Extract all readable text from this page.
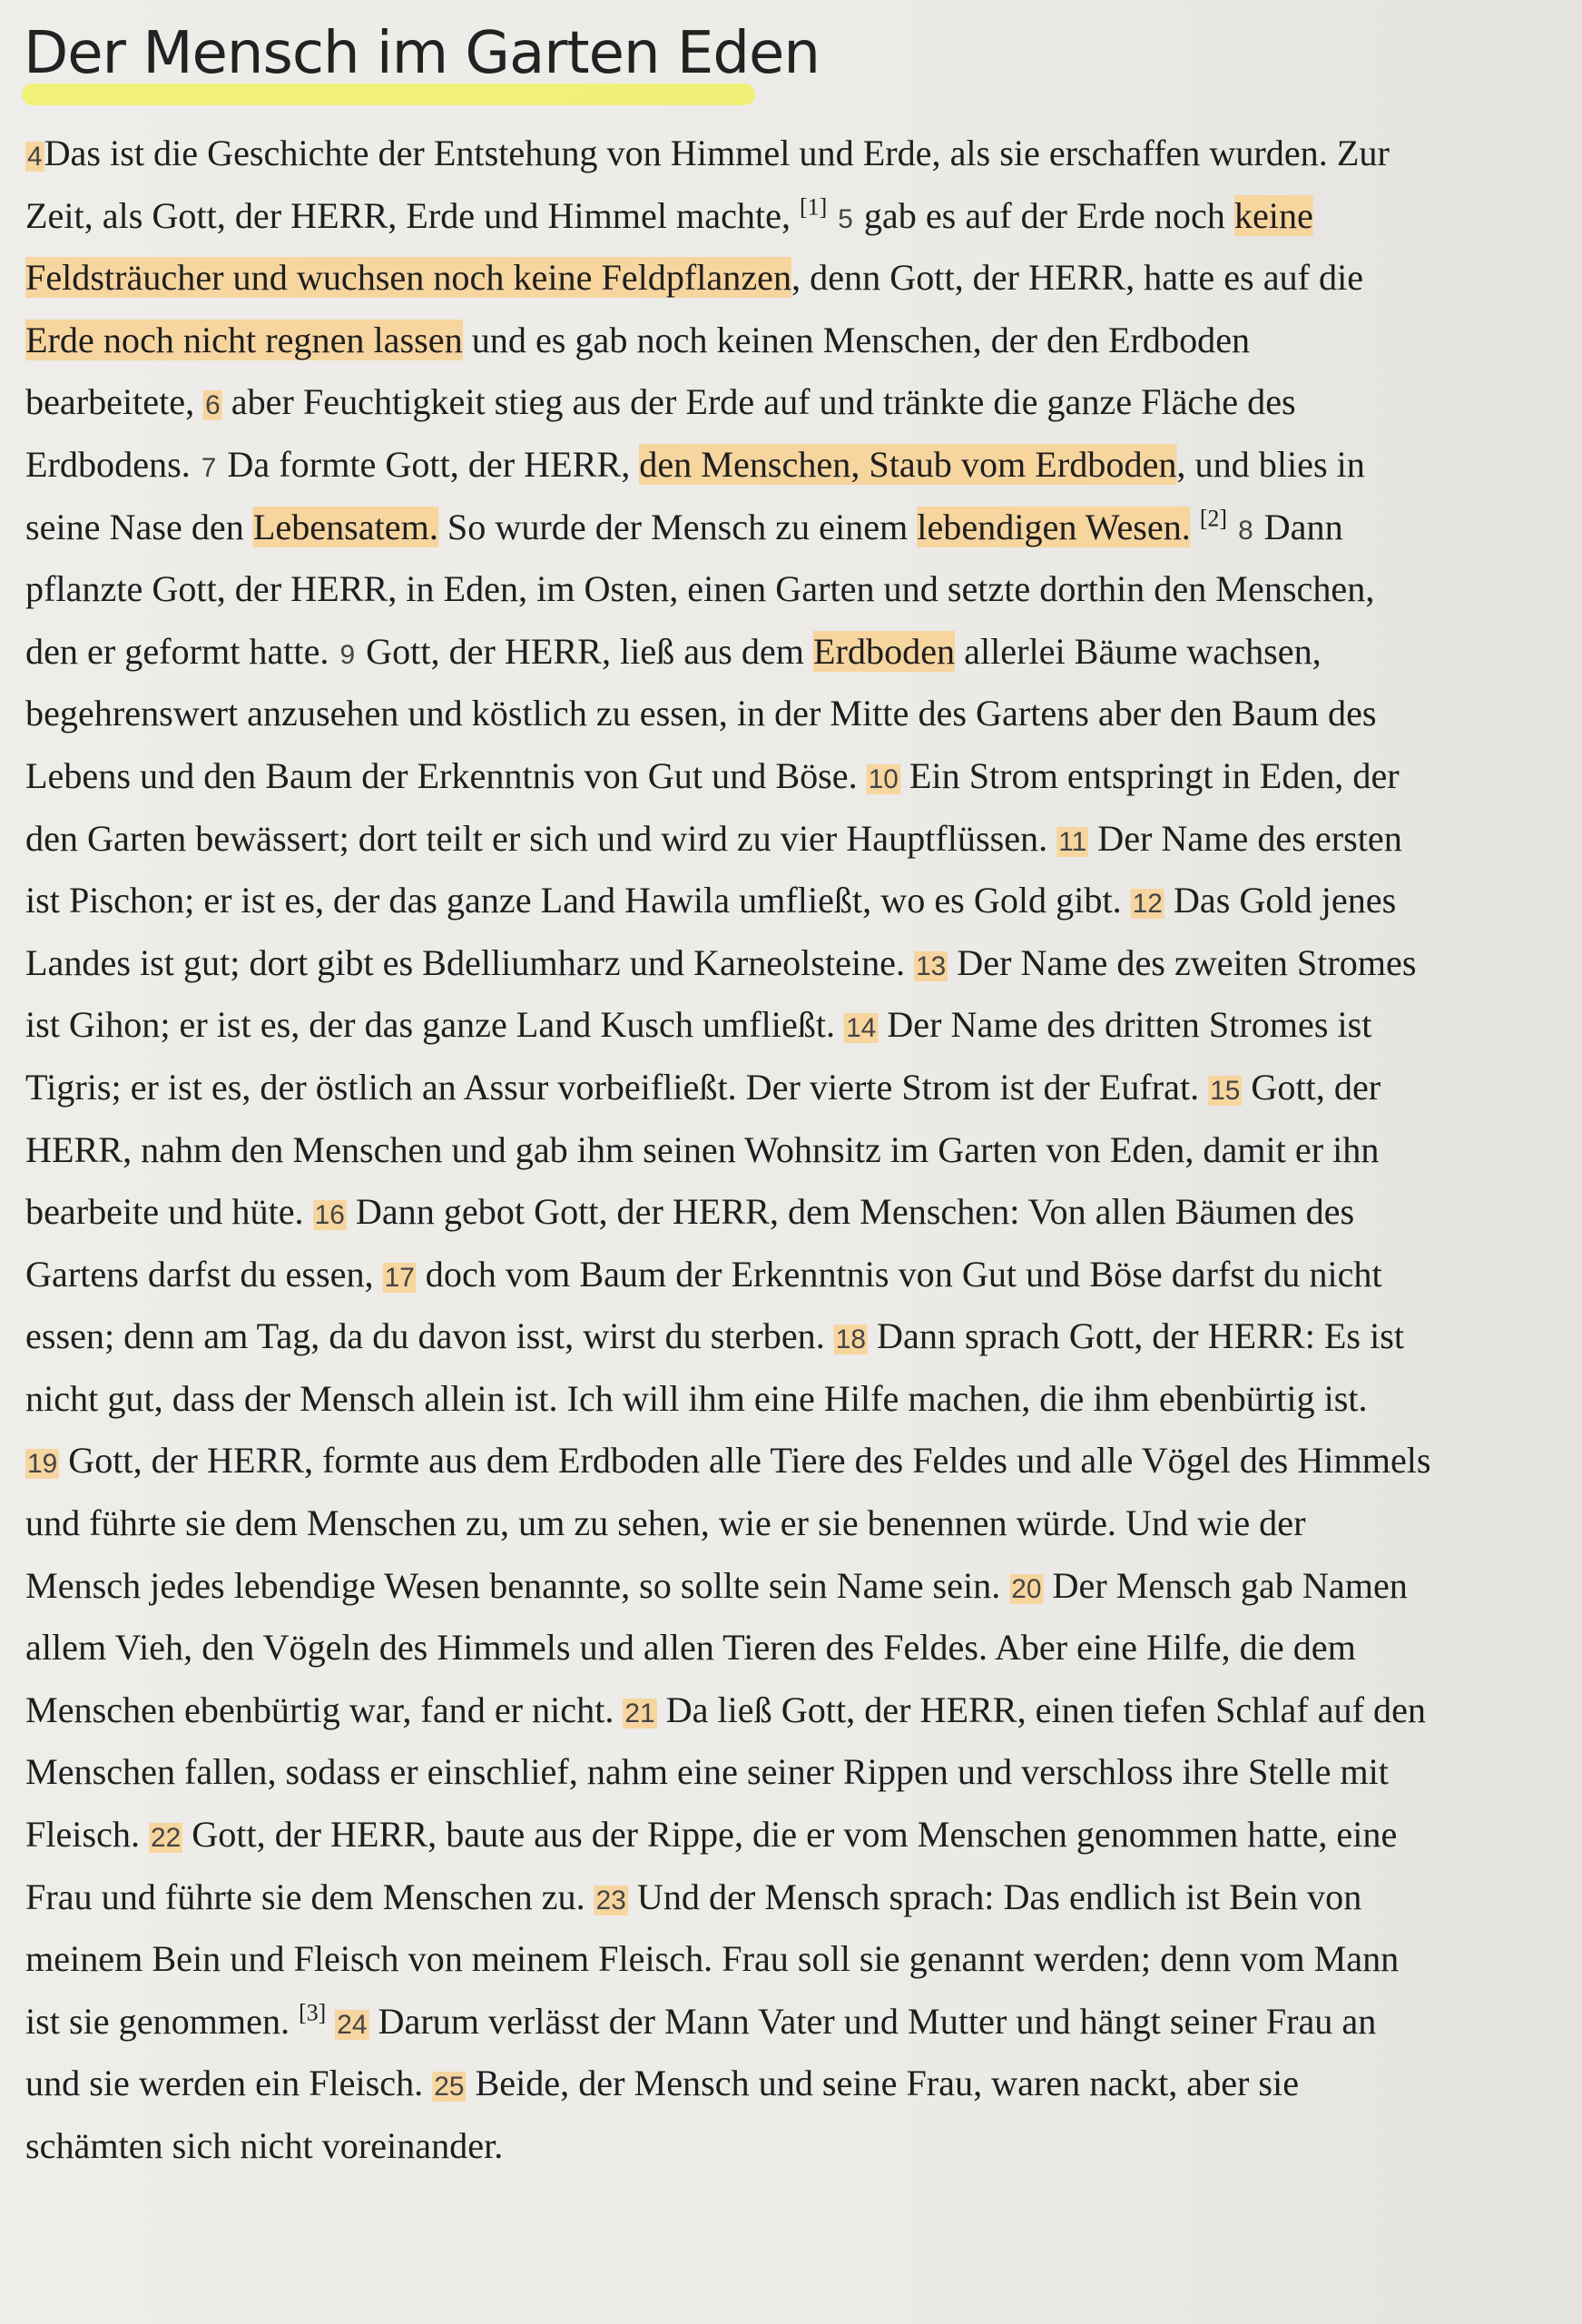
Der Mensch im Garten Eden
4Das ist die Geschichte der Entstehung von Himmel und Erde, als sie erschaffen wurden. Zur
Zeit, als Gott, der HERR, Erde und Himmel machte, [1] 5 gab es auf der Erde noch keine
Feldsträucher und wuchsen noch keine Feldpflanzen, denn Gott, der HERR, hatte es auf die
Erde noch nicht regnen lassen und es gab noch keinen Menschen, der den Erdboden
bearbeitete, 6 aber Feuchtigkeit stieg aus der Erde auf und tränkte die ganze Fläche des
Erdbodens. 7 Da formte Gott, der HERR, den Menschen, Staub vom Erdboden, und blies in
seine Nase den Lebensatem. So wurde der Mensch zu einem lebendigen Wesen. [2] 8 Dann
pflanzte Gott, der HERR, in Eden, im Osten, einen Garten und setzte dorthin den Menschen,
den er geformt hatte. 9 Gott, der HERR, ließ aus dem Erdboden allerlei Bäume wachsen,
begehrenswert anzusehen und köstlich zu essen, in der Mitte des Gartens aber den Baum des
Lebens und den Baum der Erkenntnis von Gut und Böse. 10 Ein Strom entspringt in Eden, der
den Garten bewässert; dort teilt er sich und wird zu vier Hauptflüssen. 11 Der Name des ersten
ist Pischon; er ist es, der das ganze Land Hawila umfließt, wo es Gold gibt. 12 Das Gold jenes
Landes ist gut; dort gibt es Bdelliumharz und Karneolsteine. 13 Der Name des zweiten Stromes
ist Gihon; er ist es, der das ganze Land Kusch umfließt. 14 Der Name des dritten Stromes ist
Tigris; er ist es, der östlich an Assur vorbeifließt. Der vierte Strom ist der Eufrat. 15 Gott, der
HERR, nahm den Menschen und gab ihm seinen Wohnsitz im Garten von Eden, damit er ihn
bearbeite und hüte. 16 Dann gebot Gott, der HERR, dem Menschen: Von allen Bäumen des
Gartens darfst du essen, 17 doch vom Baum der Erkenntnis von Gut und Böse darfst du nicht
essen; denn am Tag, da du davon isst, wirst du sterben. 18 Dann sprach Gott, der HERR: Es ist
nicht gut, dass der Mensch allein ist. Ich will ihm eine Hilfe machen, die ihm ebenbürtig ist.
19 Gott, der HERR, formte aus dem Erdboden alle Tiere des Feldes und alle Vögel des Himmels
und führte sie dem Menschen zu, um zu sehen, wie er sie benennen würde. Und wie der
Mensch jedes lebendige Wesen benannte, so sollte sein Name sein. 20 Der Mensch gab Namen
allem Vieh, den Vögeln des Himmels und allen Tieren des Feldes. Aber eine Hilfe, die dem
Menschen ebenbürtig war, fand er nicht. 21 Da ließ Gott, der HERR, einen tiefen Schlaf auf den
Menschen fallen, sodass er einschlief, nahm eine seiner Rippen und verschloss ihre Stelle mit
Fleisch. 22 Gott, der HERR, baute aus der Rippe, die er vom Menschen genommen hatte, eine
Frau und führte sie dem Menschen zu. 23 Und der Mensch sprach: Das endlich ist Bein von
meinem Bein und Fleisch von meinem Fleisch. Frau soll sie genannt werden; denn vom Mann
ist sie genommen. [3] 24 Darum verlässt der Mann Vater und Mutter und hängt seiner Frau an
und sie werden ein Fleisch. 25 Beide, der Mensch und seine Frau, waren nackt, aber sie
schämten sich nicht voreinander.
